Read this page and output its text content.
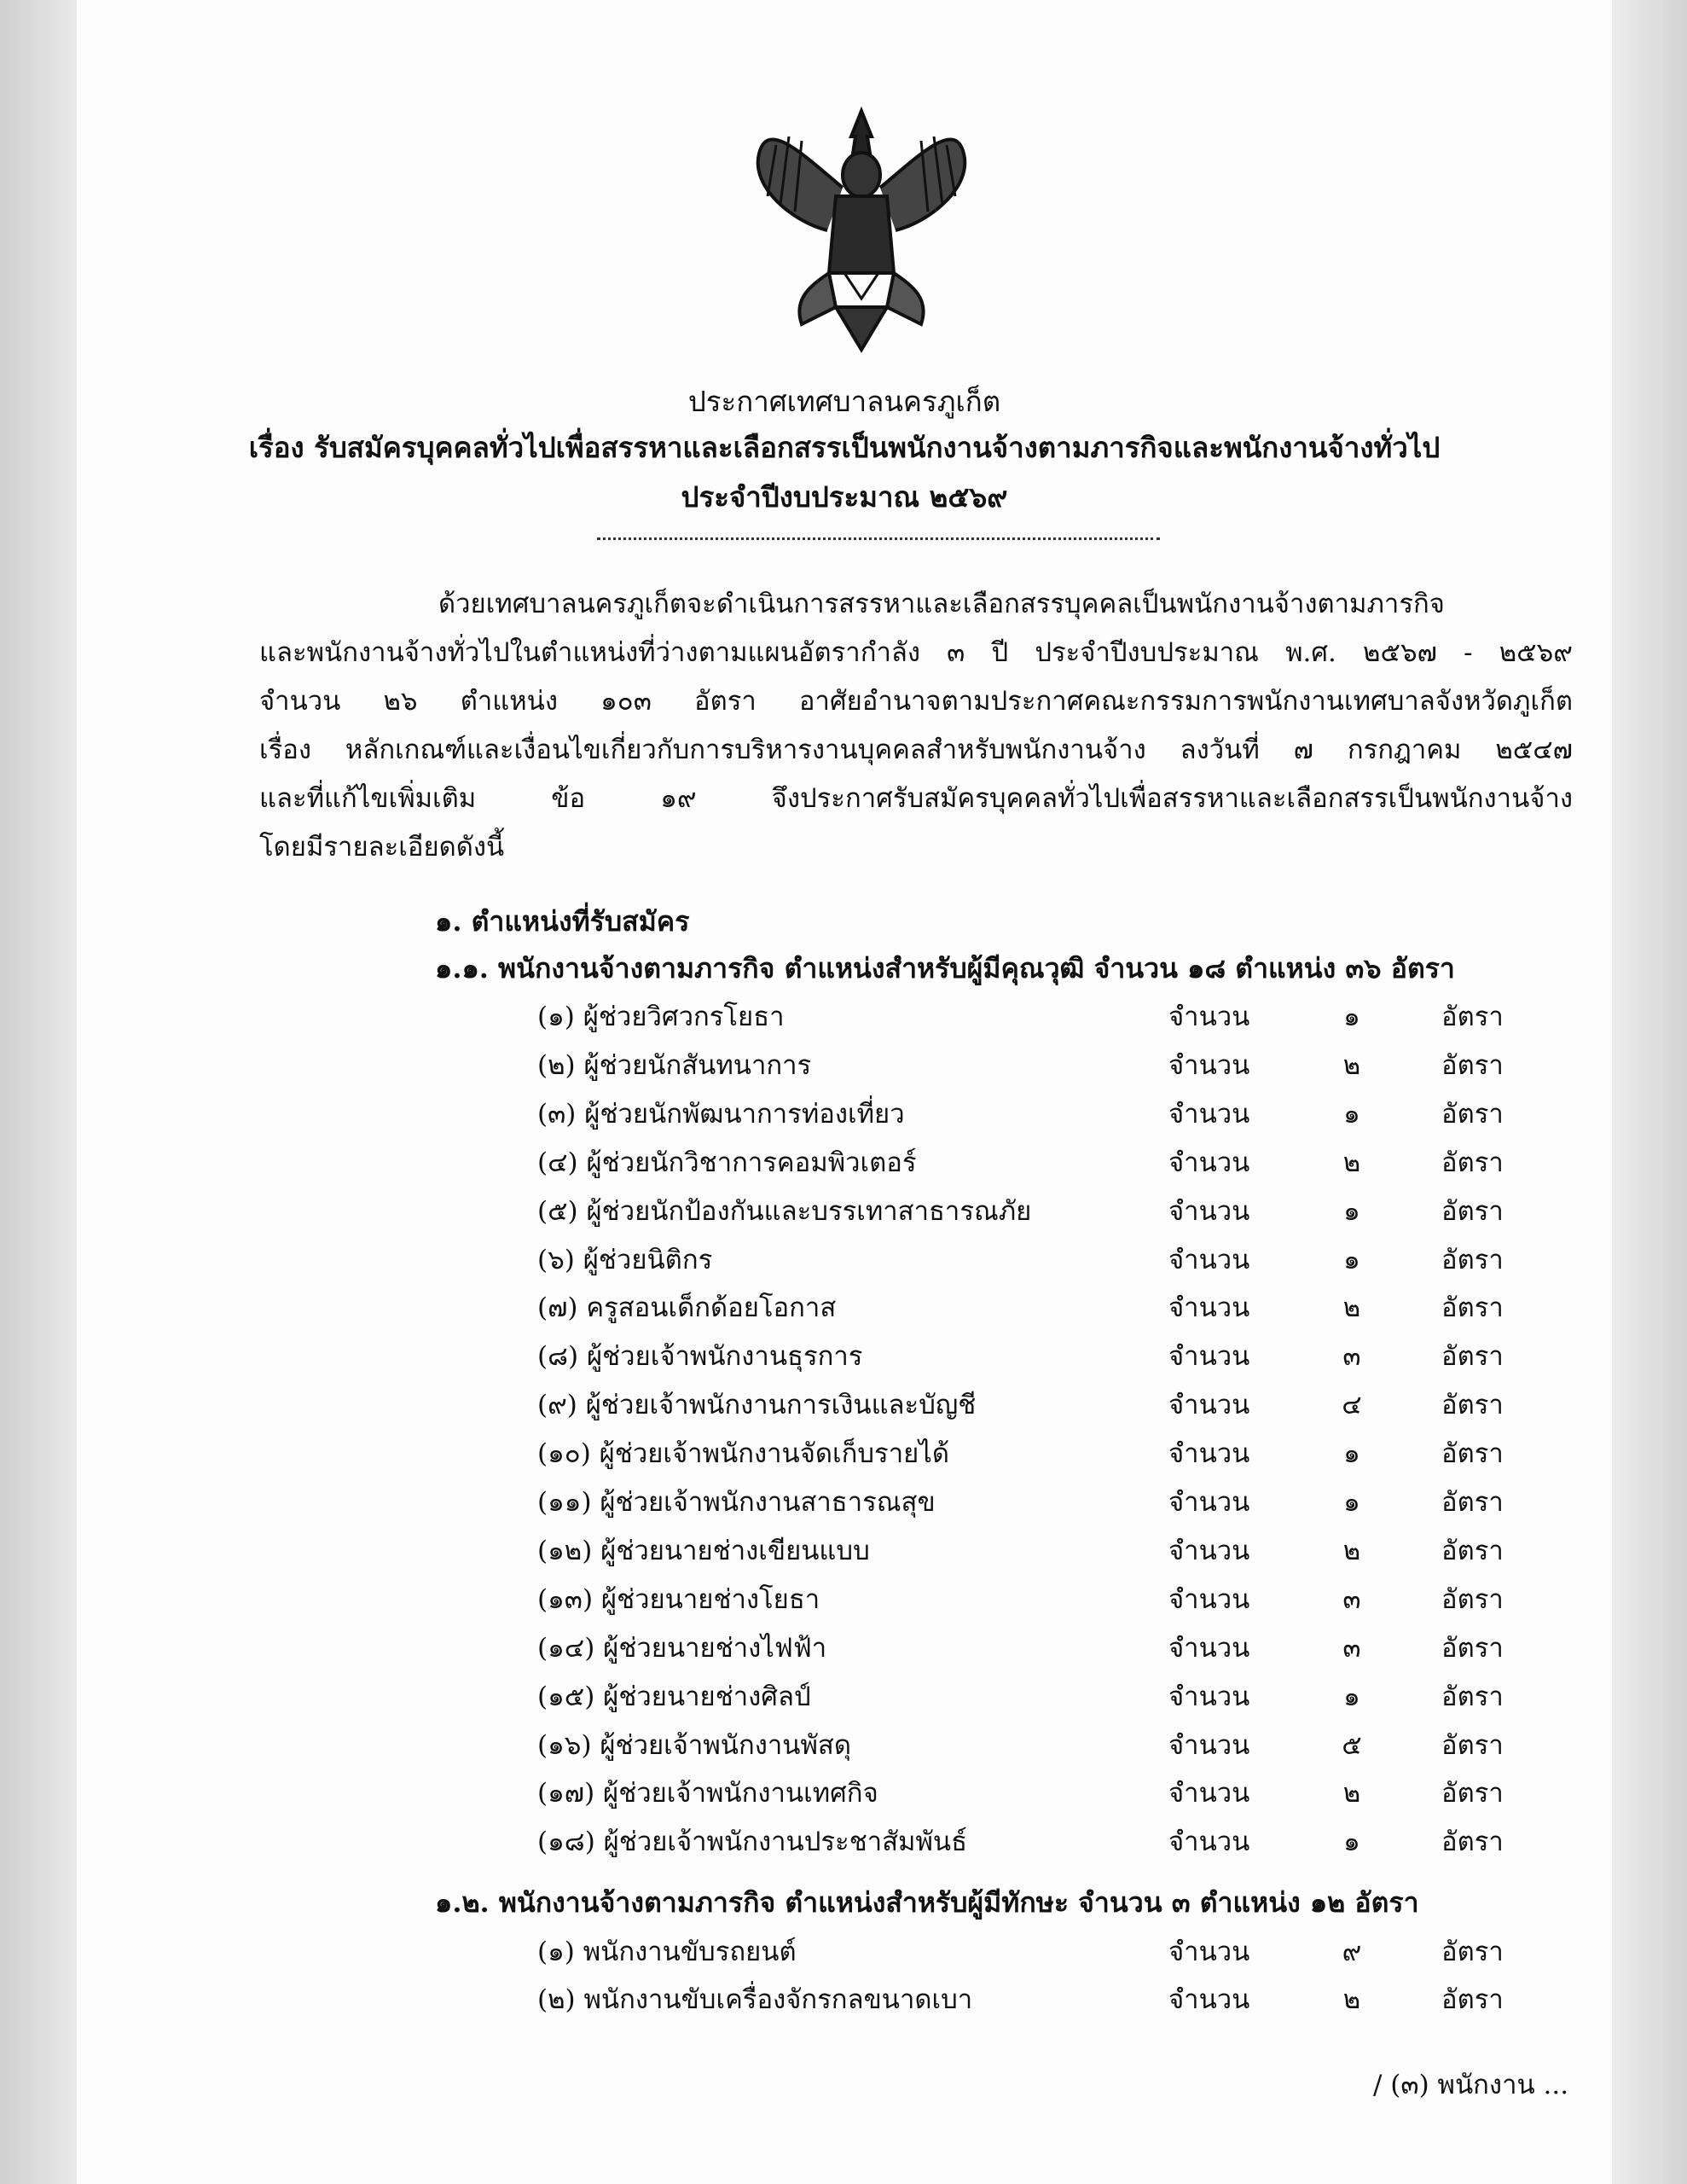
ประกาศเทศบาลนครภูเก็ต
เรื่อง รับสมัครบุคคลทั่วไปเพื่อสรรหาและเลือกสรรเป็นพนักงานจ้างตามภารกิจและพนักงานจ้างทั่วไป
ประจำปีงบประมาณ ๒๕๖๙
ด้วยเทศบาลนครภูเก็ตจะดำเนินการสรรหาและเลือกสรรบุคคลเป็นพนักงานจ้างตามภารกิจ
และพนักงานจ้างทั่วไปในตำแหน่งที่ว่างตามแผนอัตรากำลัง ๓ ปี ประจำปีงบประมาณ พ.ศ. ๒๕๖๗ - ๒๕๖๙
จำนวน ๒๖ ตำแหน่ง ๑๐๓ อัตรา อาศัยอำนาจตามประกาศคณะกรรมการพนักงานเทศบาลจังหวัดภูเก็ต
เรื่อง หลักเกณฑ์และเงื่อนไขเกี่ยวกับการบริหารงานบุคคลสำหรับพนักงานจ้าง ลงวันที่ ๗ กรกฎาคม ๒๕๔๗
และที่แก้ไขเพิ่มเติม ข้อ ๑๙ จึงประกาศรับสมัครบุคคลทั่วไปเพื่อสรรหาและเลือกสรรเป็นพนักงานจ้าง
โดยมีรายละเอียดดังนี้
๑. ตำแหน่งที่รับสมัคร
๑.๑. พนักงานจ้างตามภารกิจ ตำแหน่งสำหรับผู้มีคุณวุฒิ จำนวน ๑๘ ตำแหน่ง ๓๖ อัตรา
(๑) ผู้ช่วยวิศวกรโยธา	จำนวน	๑	อัตรา
(๒) ผู้ช่วยนักสันทนาการ	จำนวน	๒	อัตรา
(๓) ผู้ช่วยนักพัฒนาการท่องเที่ยว	จำนวน	๑	อัตรา
(๔) ผู้ช่วยนักวิชาการคอมพิวเตอร์	จำนวน	๒	อัตรา
(๕) ผู้ช่วยนักป้องกันและบรรเทาสาธารณภัย	จำนวน	๑	อัตรา
(๖) ผู้ช่วยนิติกร	จำนวน	๑	อัตรา
(๗) ครูสอนเด็กด้อยโอกาส	จำนวน	๒	อัตรา
(๘) ผู้ช่วยเจ้าพนักงานธุรการ	จำนวน	๓	อัตรา
(๙) ผู้ช่วยเจ้าพนักงานการเงินและบัญชี	จำนวน	๔	อัตรา
(๑๐) ผู้ช่วยเจ้าพนักงานจัดเก็บรายได้	จำนวน	๑	อัตรา
(๑๑) ผู้ช่วยเจ้าพนักงานสาธารณสุข	จำนวน	๑	อัตรา
(๑๒) ผู้ช่วยนายช่างเขียนแบบ	จำนวน	๒	อัตรา
(๑๓) ผู้ช่วยนายช่างโยธา	จำนวน	๓	อัตรา
(๑๔) ผู้ช่วยนายช่างไฟฟ้า	จำนวน	๓	อัตรา
(๑๕) ผู้ช่วยนายช่างศิลป์	จำนวน	๑	อัตรา
(๑๖) ผู้ช่วยเจ้าพนักงานพัสดุ	จำนวน	๕	อัตรา
(๑๗) ผู้ช่วยเจ้าพนักงานเทศกิจ	จำนวน	๒	อัตรา
(๑๘) ผู้ช่วยเจ้าพนักงานประชาสัมพันธ์	จำนวน	๑	อัตรา
๑.๒. พนักงานจ้างตามภารกิจ ตำแหน่งสำหรับผู้มีทักษะ จำนวน ๓ ตำแหน่ง ๑๒ อัตรา
(๑) พนักงานขับรถยนต์	จำนวน	๙	อัตรา
(๒) พนักงานขับเครื่องจักรกลขนาดเบา	จำนวน	๒	อัตรา
/ (๓) พนักงาน ...
